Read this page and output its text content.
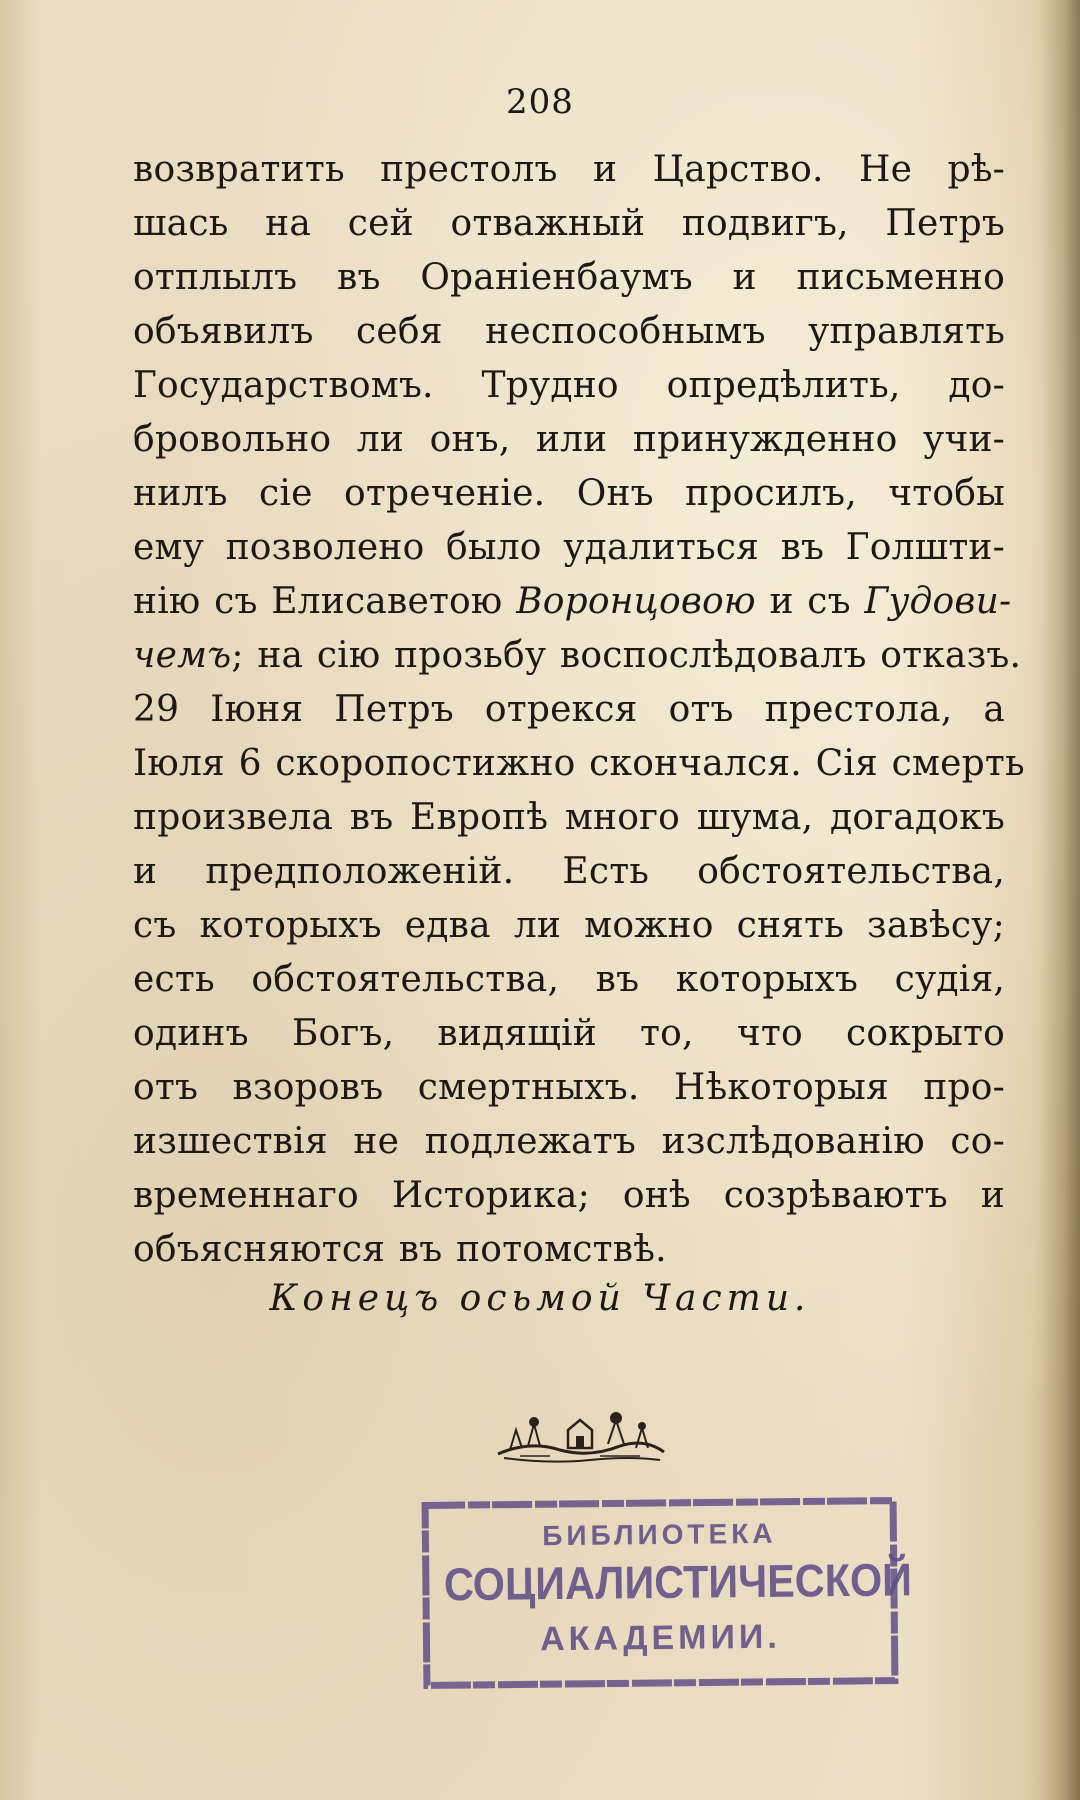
208
возвратить престолъ и Царство. Не рѣ-
шась на сей отважный подвигъ, Петръ
отплылъ въ Ораніенбаумъ и письменно
объявилъ себя неспособнымъ управлять
Государствомъ. Трудно опредѣлить, до-
бровольно ли онъ, или принужденно учи-
нилъ сіе отреченіе. Онъ просилъ, чтобы
ему позволено было удалиться въ Голшти-
нію съ Елисаветою Воронцовою и съ Гудови-
чемъ; на сію прозьбу воспослѣдовалъ отказъ.
29 Іюня Петръ отрекся отъ престола, а
Іюля 6 скоропостижно скончался. Сія смерть
произвела въ Европѣ много шума, догадокъ
и предположеній. Есть обстоятельства,
съ которыхъ едва ли можно снять завѣсу;
есть обстоятельства, въ которыхъ судія,
одинъ Богъ, видящій то, что сокрыто
отъ взоровъ смертныхъ. Нѣкоторыя про-
изшествія не подлежатъ изслѣдованію со-
временнаго Историка; онѣ созрѣваютъ и
объясняются въ потомствѣ.
Конецъ осьмой Части.
БИБЛИОТЕКА
СОЦИАЛИСТИЧЕСКОЙ
АКАДЕМИИ.
